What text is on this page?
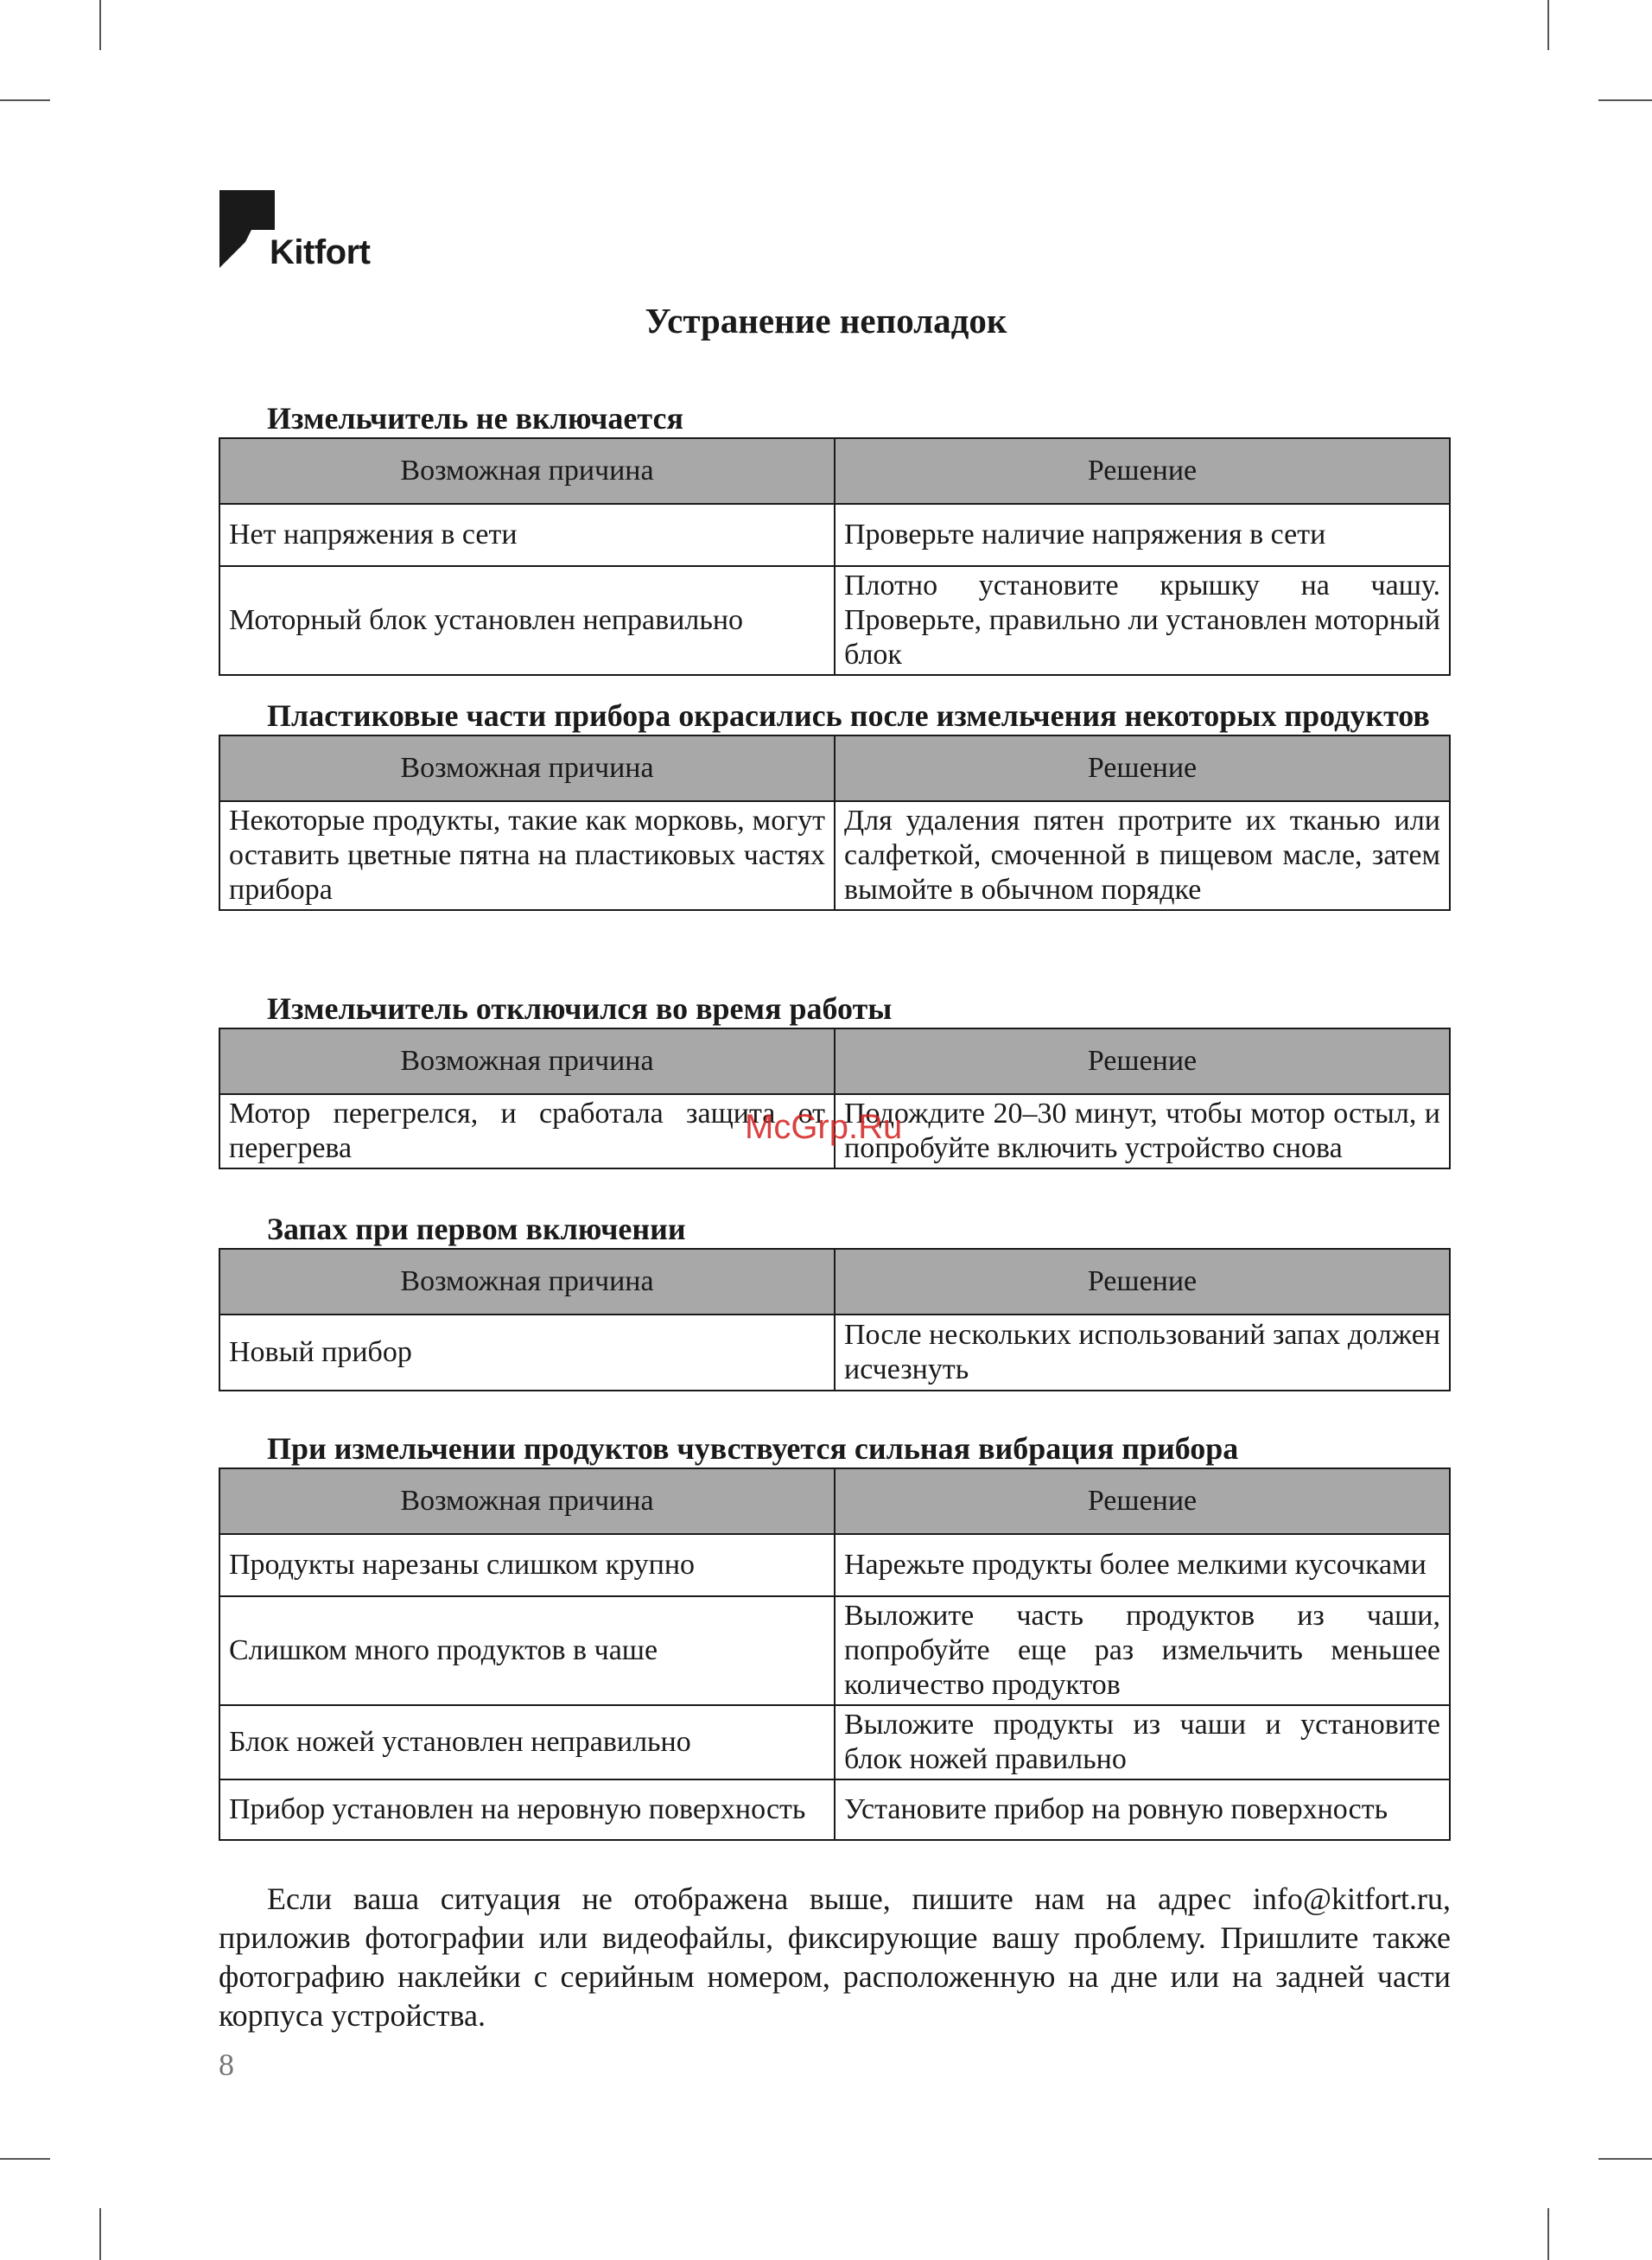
Kitfort
Устранение неполадок
Измельчитель не включается
Возможная причина	Решение
Нет напряжения в сети	Проверьте наличие напряжения в сети
Моторный блок установлен неправильно	Плотно установите крышку на чашу. Проверьте, правильно ли установлен моторный блок
Пластиковые части прибора окрасились после измельчения некоторых продуктов
Возможная причина	Решение
Некоторые продукты, такие как морковь, могут оставить цветные пятна на пластиковых частях прибора	Для удаления пятен протрите их тканью или салфеткой, смоченной в пищевом масле, затем вымойте в обычном порядке
Измельчитель отключился во время работы
Возможная причина	Решение
Мотор перегрелся, и сработала защита от перегрева	Подождите 20–30 минут, чтобы мотор остыл, и попробуйте включить устройство снова
Запах при первом включении
Возможная причина	Решение
Новый прибор	После нескольких использований запах должен исчезнуть
При измельчении продуктов чувствуется сильная вибрация прибора
Возможная причина	Решение
Продукты нарезаны слишком крупно	Нарежьте продукты более мелкими кусочками
Слишком много продуктов в чаше	Выложите часть продуктов из чаши, попробуйте еще раз измельчить меньшее количество продуктов
Блок ножей установлен неправильно	Выложите продукты из чаши и установите блок ножей правильно
Прибор установлен на неровную поверхность	Установите прибор на ровную поверхность

Если ваша ситуация не отображена выше, пишите нам на адрес info@kitfort.ru, приложив фотографии или видеофайлы, фиксирующие вашу проблему. Пришлите также фотографию наклейки с серийным номером, расположенную на дне или на задней части корпуса устройства.

8
McGrp.Ru
